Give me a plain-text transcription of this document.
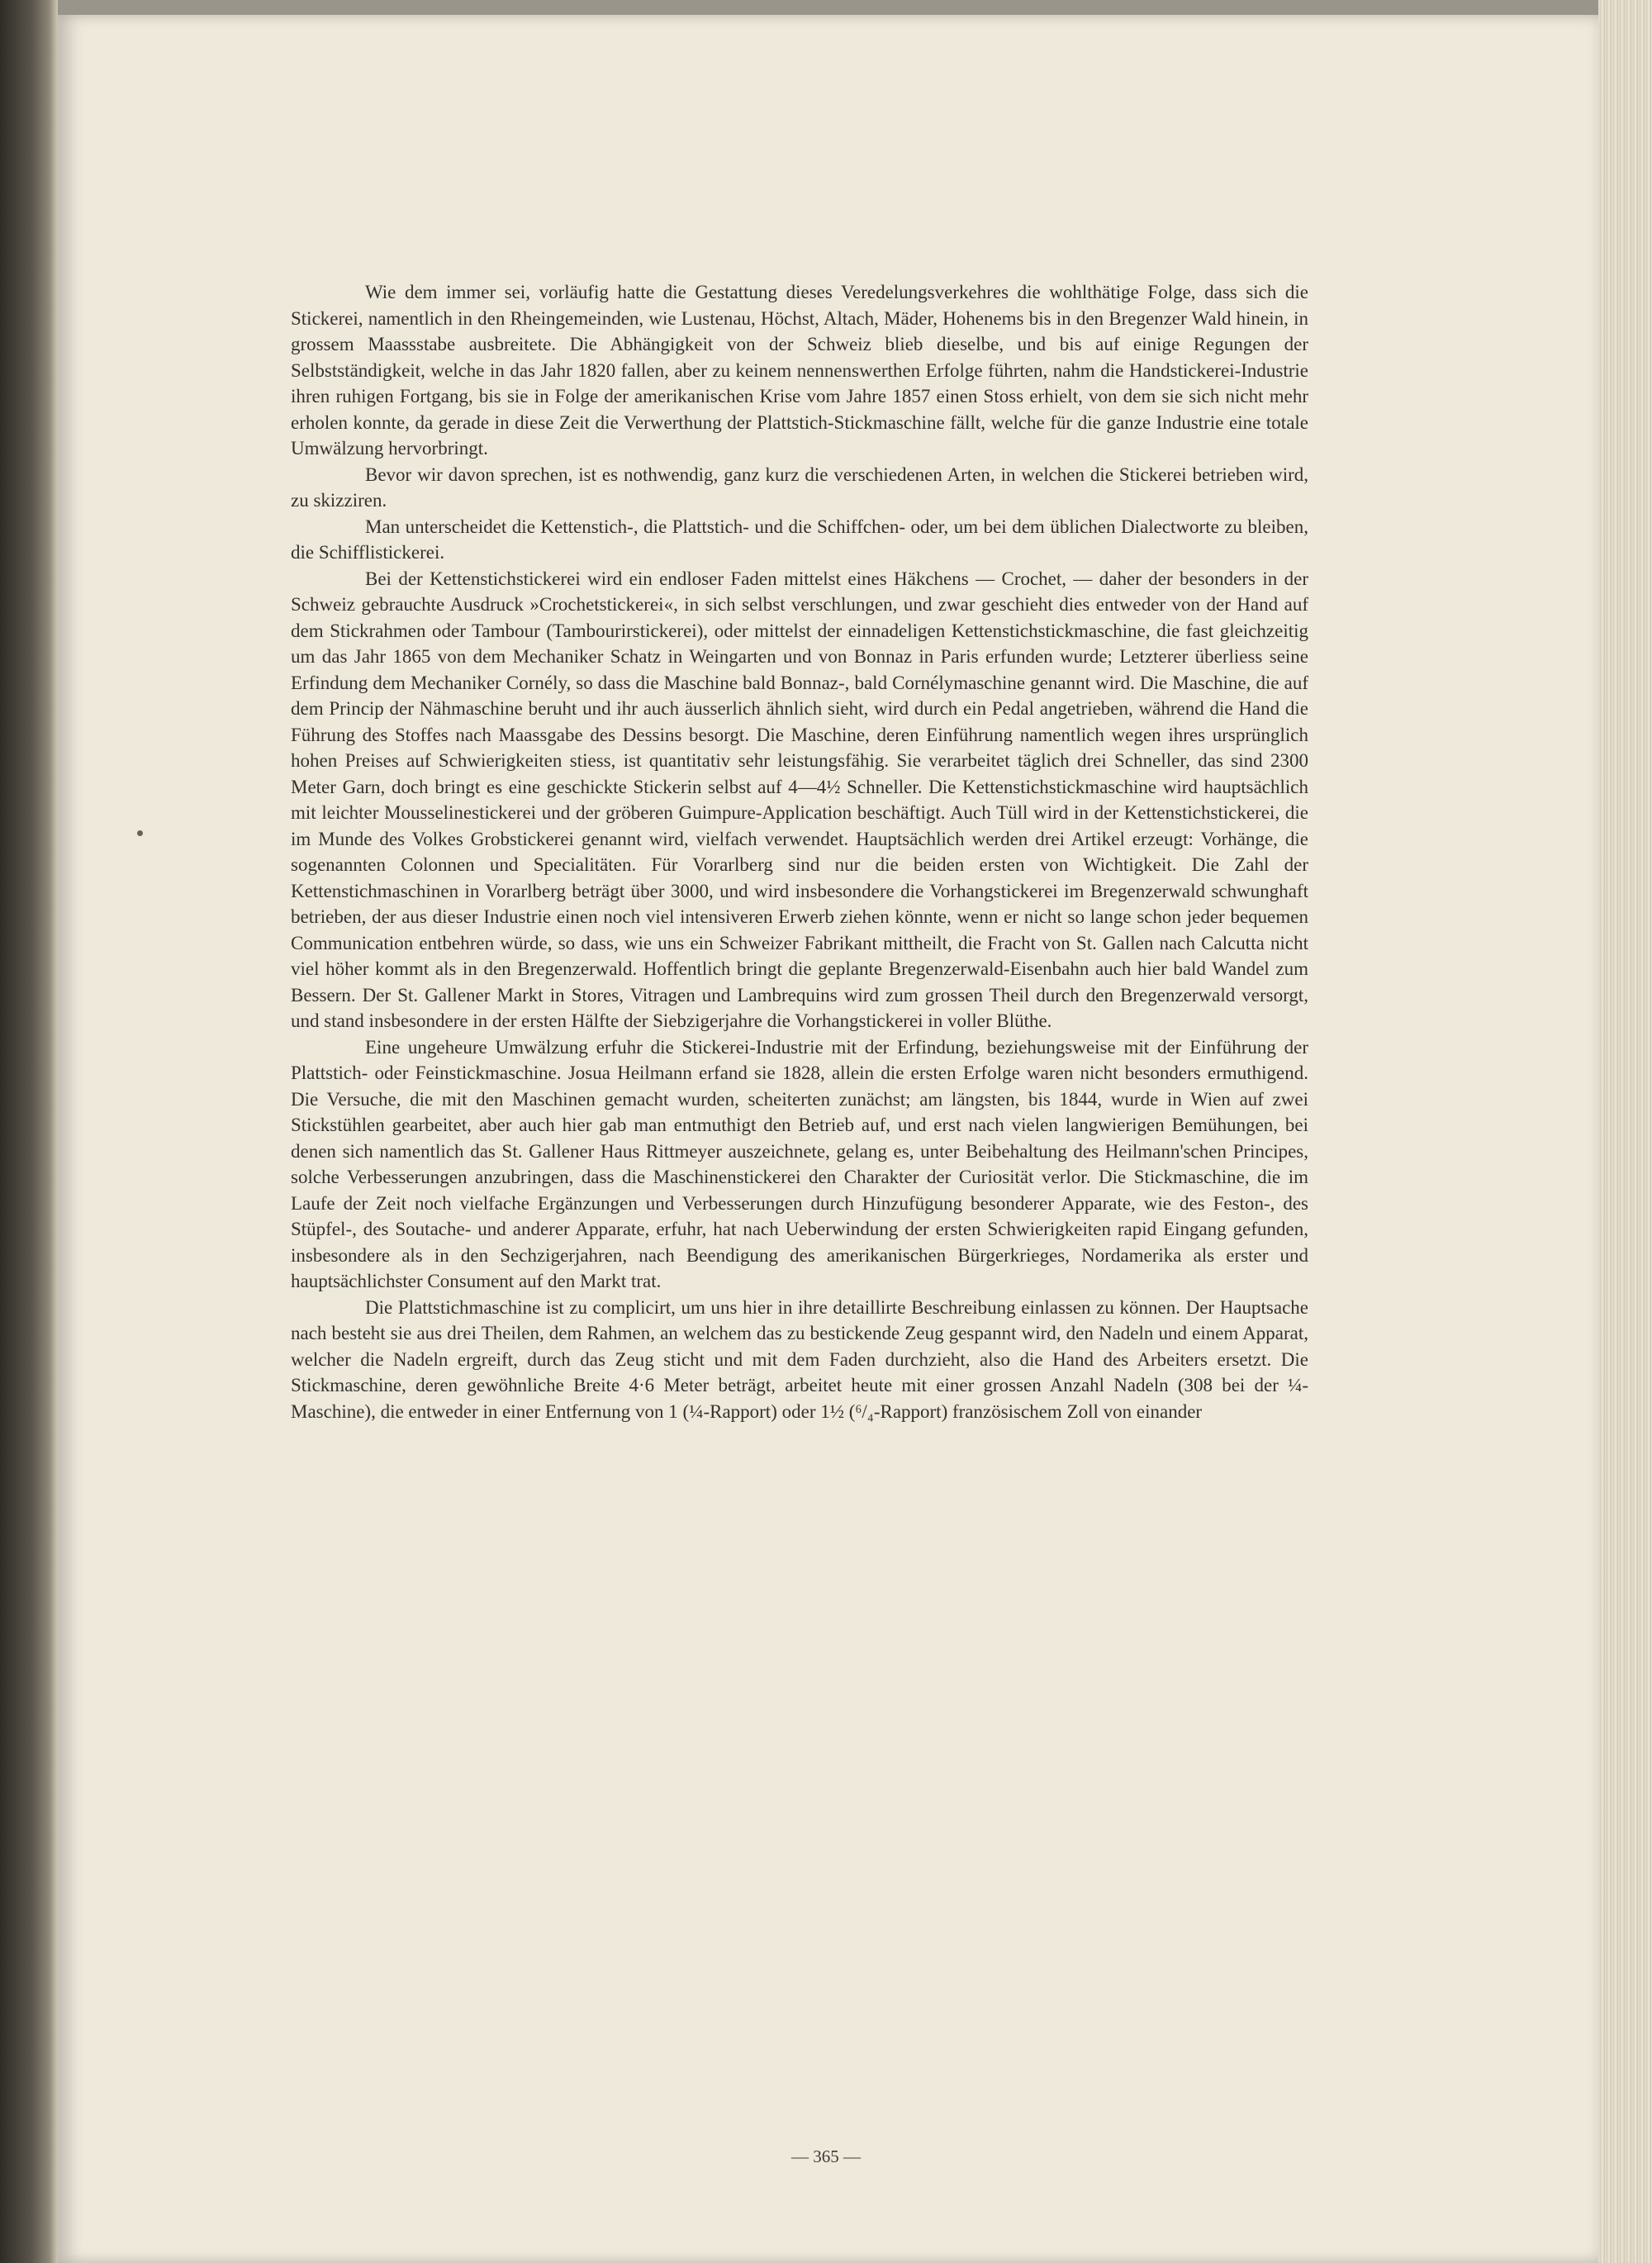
Wie dem immer sei, vorläufig hatte die Gestattung dieses Veredelungsverkehres die wohlthätige Folge, dass sich die Stickerei, namentlich in den Rheingemeinden, wie Lustenau, Höchst, Altach, Mäder, Hohenems bis in den Bregenzer Wald hinein, in grossem Maassstabe ausbreitete. Die Abhängigkeit von der Schweiz blieb dieselbe, und bis auf einige Regungen der Selbstständigkeit, welche in das Jahr 1820 fallen, aber zu keinem nennenswerthen Erfolge führten, nahm die Handstickerei-Industrie ihren ruhigen Fortgang, bis sie in Folge der amerikanischen Krise vom Jahre 1857 einen Stoss erhielt, von dem sie sich nicht mehr erholen konnte, da gerade in diese Zeit die Verwerthung der Plattstich-Stickmaschine fällt, welche für die ganze Industrie eine totale Umwälzung hervorbringt.

Bevor wir davon sprechen, ist es nothwendig, ganz kurz die verschiedenen Arten, in welchen die Stickerei betrieben wird, zu skizziren.

Man unterscheidet die Kettenstich-, die Plattstich- und die Schiffchen- oder, um bei dem üblichen Dialectworte zu bleiben, die Schifflistickerei.

Bei der Kettenstichstickerei wird ein endloser Faden mittelst eines Häkchens — Crochet, — daher der besonders in der Schweiz gebrauchte Ausdruck »Crochetstickerei«, in sich selbst verschlungen, und zwar geschieht dies entweder von der Hand auf dem Stickrahmen oder Tambour (Tambourirstickerei), oder mittelst der einnadeligen Kettenstichstickmaschine, die fast gleichzeitig um das Jahr 1865 von dem Mechaniker Schatz in Weingarten und von Bonnaz in Paris erfunden wurde; Letzterer überliess seine Erfindung dem Mechaniker Cornély, so dass die Maschine bald Bonnaz-, bald Cornélymaschine genannt wird. Die Maschine, die auf dem Princip der Nähmaschine beruht und ihr auch äusserlich ähnlich sieht, wird durch ein Pedal angetrieben, während die Hand die Führung des Stoffes nach Maassgabe des Dessins besorgt. Die Maschine, deren Einführung namentlich wegen ihres ursprünglich hohen Preises auf Schwierigkeiten stiess, ist quantitativ sehr leistungsfähig. Sie verarbeitet täglich drei Schneller, das sind 2300 Meter Garn, doch bringt es eine geschickte Stickerin selbst auf 4—4½ Schneller. Die Kettenstichstickmaschine wird hauptsächlich mit leichter Mousselinestickerei und der gröberen Guimpure-Application beschäftigt. Auch Tüll wird in der Kettenstichstickerei, die im Munde des Volkes Grobstickerei genannt wird, vielfach verwendet. Hauptsächlich werden drei Artikel erzeugt: Vorhänge, die sogenannten Colonnen und Specialitäten. Für Vorarlberg sind nur die beiden ersten von Wichtigkeit. Die Zahl der Kettenstichmaschinen in Vorarlberg beträgt über 3000, und wird insbesondere die Vorhangstickerei im Bregenzerwald schwunghaft betrieben, der aus dieser Industrie einen noch viel intensiveren Erwerb ziehen könnte, wenn er nicht so lange schon jeder bequemen Communication entbehren würde, so dass, wie uns ein Schweizer Fabrikant mittheilt, die Fracht von St. Gallen nach Calcutta nicht viel höher kommt als in den Bregenzerwald. Hoffentlich bringt die geplante Bregenzerwald-Eisenbahn auch hier bald Wandel zum Bessern. Der St. Gallener Markt in Stores, Vitragen und Lambrequins wird zum grossen Theil durch den Bregenzerwald versorgt, und stand insbesondere in der ersten Hälfte der Siebzigerjahre die Vorhangstickerei in voller Blüthe.

Eine ungeheure Umwälzung erfuhr die Stickerei-Industrie mit der Erfindung, beziehungsweise mit der Einführung der Plattstich- oder Feinstickmaschine. Josua Heilmann erfand sie 1828, allein die ersten Erfolge waren nicht besonders ermuthigend. Die Versuche, die mit den Maschinen gemacht wurden, scheiterten zunächst; am längsten, bis 1844, wurde in Wien auf zwei Stickstühlen gearbeitet, aber auch hier gab man entmuthigt den Betrieb auf, und erst nach vielen langwierigen Bemühungen, bei denen sich namentlich das St. Gallener Haus Rittmeyer auszeichnete, gelang es, unter Beibehaltung des Heilmann'schen Principes, solche Verbesserungen anzubringen, dass die Maschinenstickerei den Charakter der Curiosität verlor. Die Stickmaschine, die im Laufe der Zeit noch vielfache Ergänzungen und Verbesserungen durch Hinzufügung besonderer Apparate, wie des Feston-, des Stüpfel-, des Soutache- und anderer Apparate, erfuhr, hat nach Ueberwindung der ersten Schwierigkeiten rapid Eingang gefunden, insbesondere als in den Sechzigerjahren, nach Beendigung des amerikanischen Bürgerkrieges, Nordamerika als erster und hauptsächlichster Consument auf den Markt trat.

Die Plattstichmaschine ist zu complicirt, um uns hier in ihre detaillirte Beschreibung einlassen zu können. Der Hauptsache nach besteht sie aus drei Theilen, dem Rahmen, an welchem das zu bestickende Zeug gespannt wird, den Nadeln und einem Apparat, welcher die Nadeln ergreift, durch das Zeug sticht und mit dem Faden durchzieht, also die Hand des Arbeiters ersetzt. Die Stickmaschine, deren gewöhnliche Breite 4·6 Meter beträgt, arbeitet heute mit einer grossen Anzahl Nadeln (308 bei der ¼-Maschine), die entweder in einer Entfernung von 1 (¼-Rapport) oder 1½ (⁶/₄-Rapport) französischem Zoll von einander

— 365 —
